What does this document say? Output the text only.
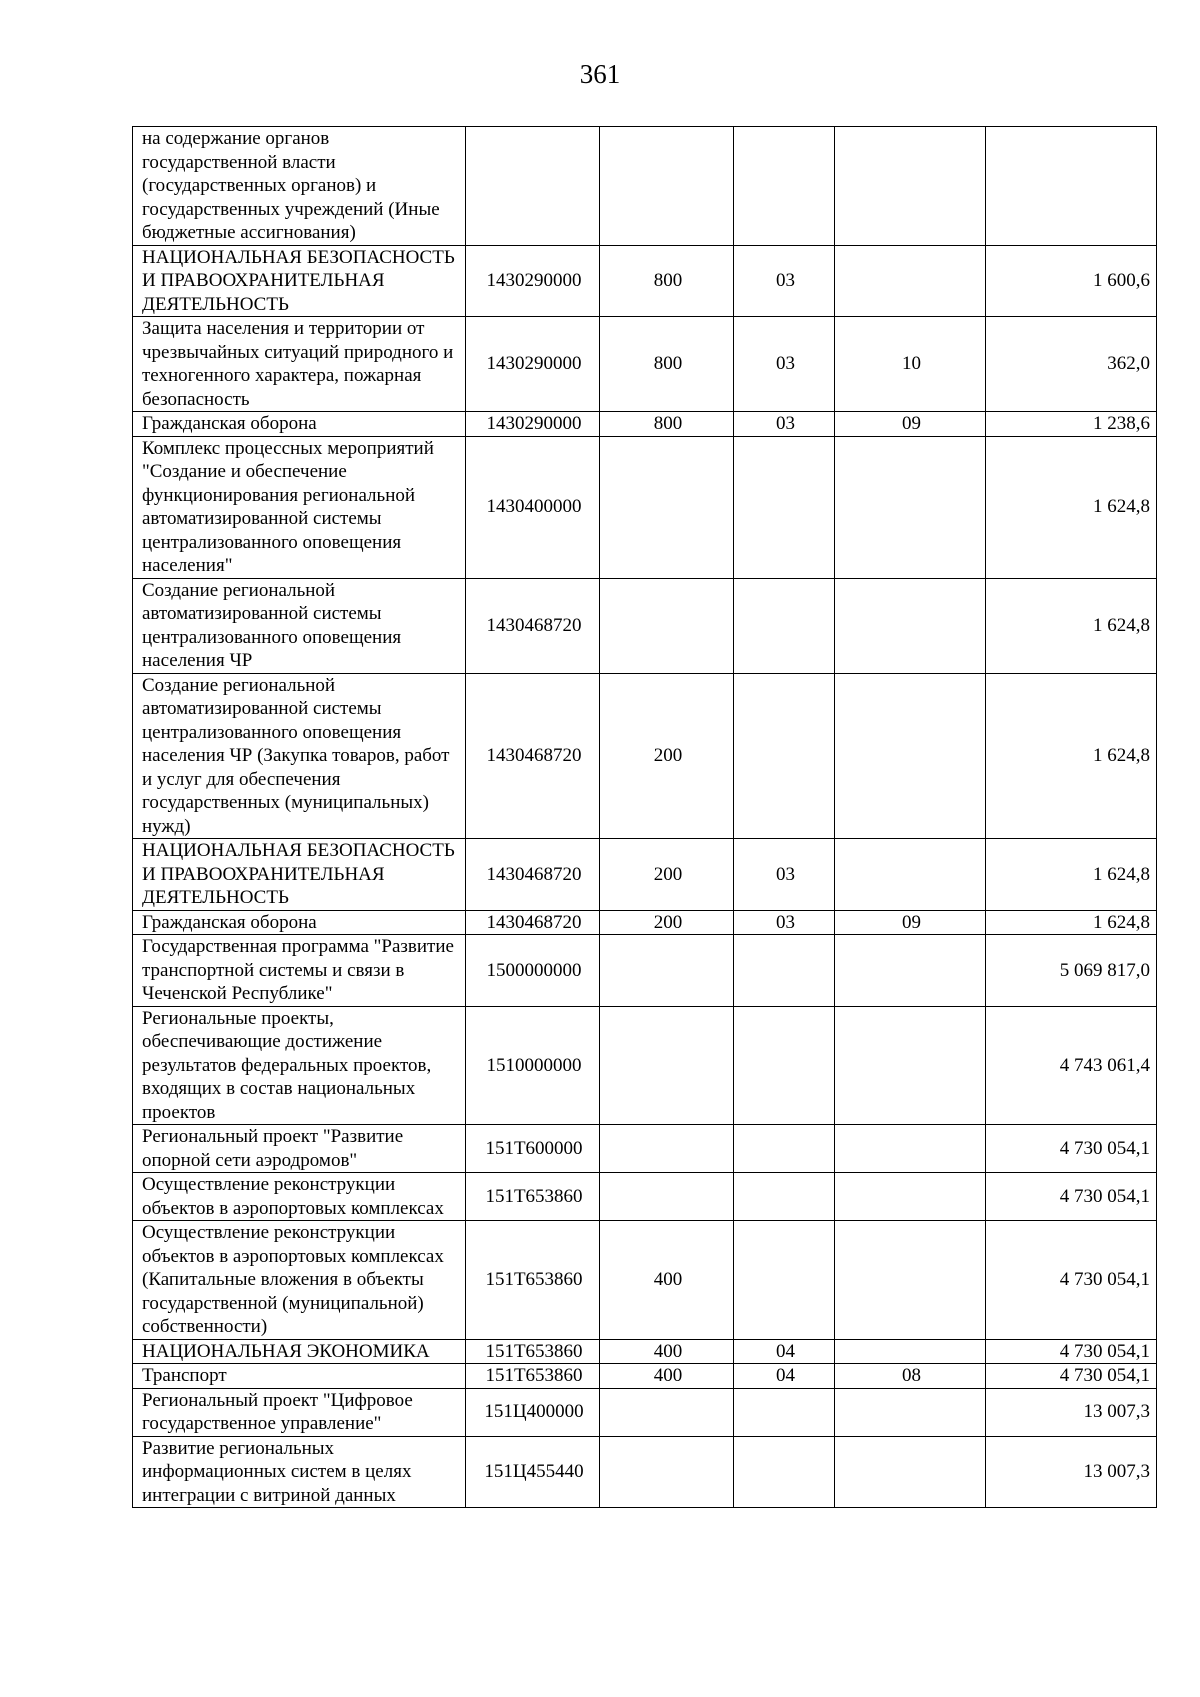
361
на содержание органов государственной власти (государственных органов) и государственных учреждений (Иные бюджетные ассигнования)					
НАЦИОНАЛЬНАЯ БЕЗОПАСНОСТЬ И ПРАВООХРАНИТЕЛЬНАЯ ДЕЯТЕЛЬНОСТЬ	1430290000	800	03		1 600,6
Защита населения и территории от чрезвычайных ситуаций природного и техногенного характера, пожарная безопасность	1430290000	800	03	10	362,0
Гражданская оборона	1430290000	800	03	09	1 238,6
Комплекс процессных мероприятий "Создание и обеспечение функционирования региональной автоматизированной системы централизованного оповещения населения"	1430400000				1 624,8
Создание региональной автоматизированной системы централизованного оповещения населения ЧР	1430468720				1 624,8
Создание региональной автоматизированной системы централизованного оповещения населения ЧР (Закупка товаров, работ и услуг для обеспечения государственных (муниципальных) нужд)	1430468720	200			1 624,8
НАЦИОНАЛЬНАЯ БЕЗОПАСНОСТЬ И ПРАВООХРАНИТЕЛЬНАЯ ДЕЯТЕЛЬНОСТЬ	1430468720	200	03		1 624,8
Гражданская оборона	1430468720	200	03	09	1 624,8
Государственная программа "Развитие транспортной системы и связи в Чеченской Республике"	1500000000				5 069 817,0
Региональные проекты, обеспечивающие достижение результатов федеральных проектов, входящих в состав национальных проектов	1510000000				4 743 061,4
Региональный проект "Развитие опорной сети аэродромов"	151Т600000				4 730 054,1
Осуществление реконструкции объектов в аэропортовых комплексах	151Т653860				4 730 054,1
Осуществление реконструкции объектов в аэропортовых комплексах (Капитальные вложения в объекты государственной (муниципальной) собственности)	151Т653860	400			4 730 054,1
НАЦИОНАЛЬНАЯ ЭКОНОМИКА	151Т653860	400	04		4 730 054,1
Транспорт	151Т653860	400	04	08	4 730 054,1
Региональный проект "Цифровое государственное управление"	151Ц400000				13 007,3
Развитие региональных информационных систем в целях интеграции с витриной данных	151Ц455440				13 007,3
